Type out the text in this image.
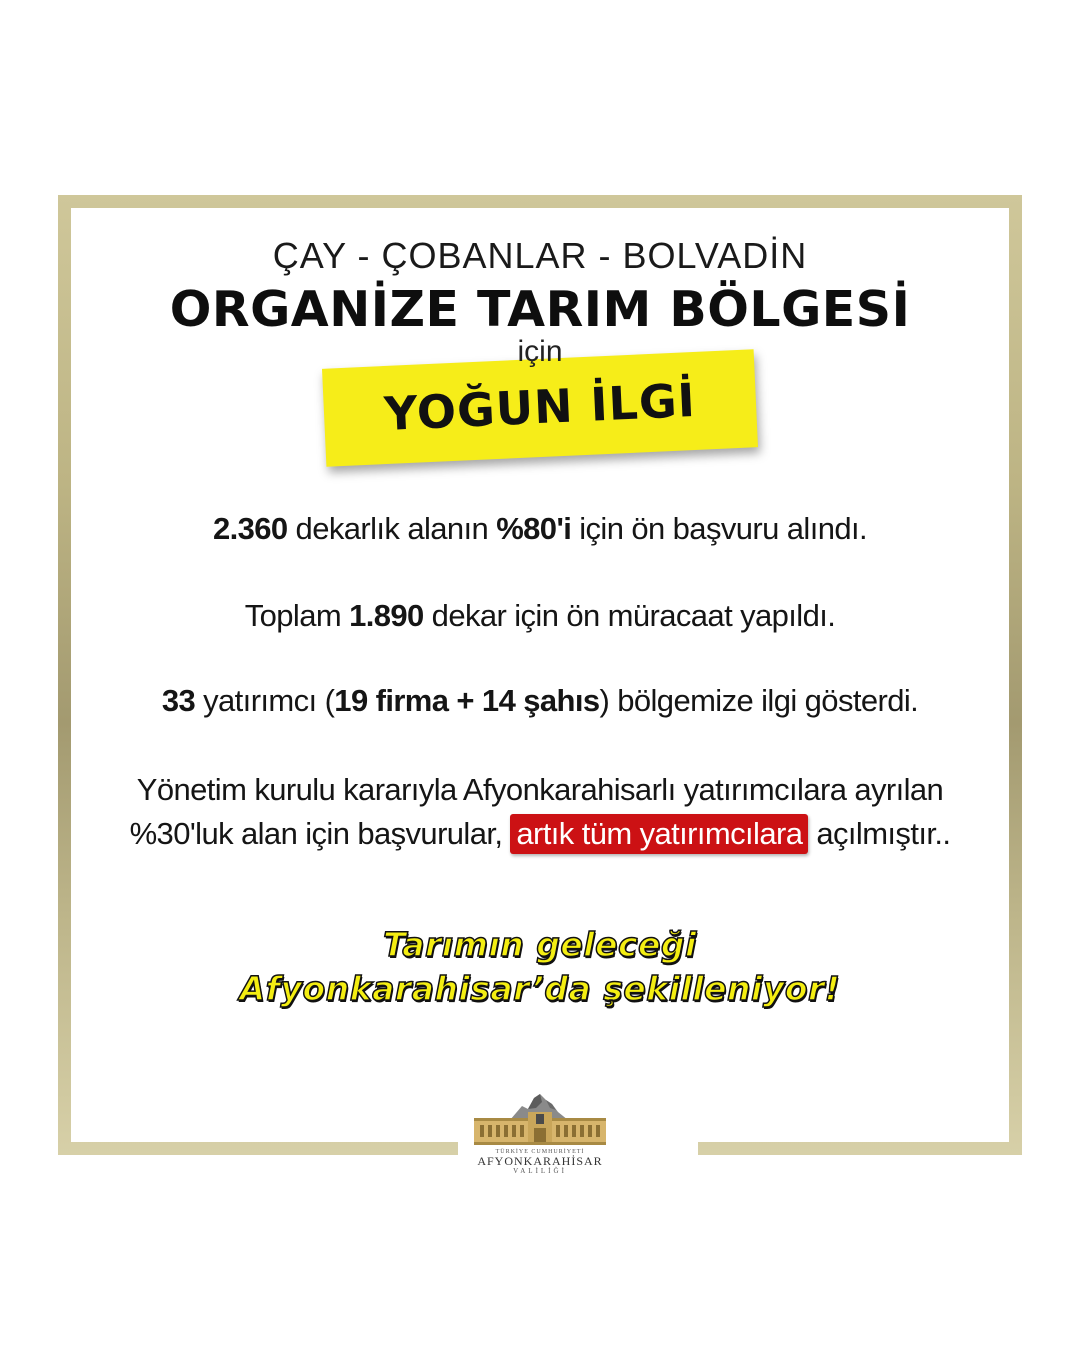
ÇAY - ÇOBANLAR - BOLVADİN
ORGANİZE TARIM BÖLGESİ
için
YOĞUN İLGİ
2.360 dekarlık alanın %80'i için ön başvuru alındı.
Toplam 1.890 dekar için ön müracaat yapıldı.
33 yatırımcı (19 firma + 14 şahıs) bölgemize ilgi gösterdi.
Yönetim kurulu kararıyla Afyonkarahisarlı yatırımcılara ayrılan
%30'luk alan için başvurular, artık tüm yatırımcılara açılmıştır..
Tarımın geleceği
Afyonkarahisar’da şekilleniyor!
TÜRKİYE CUMHURİYETİ
AFYONKARAHİSAR
VALİLİĞİ
